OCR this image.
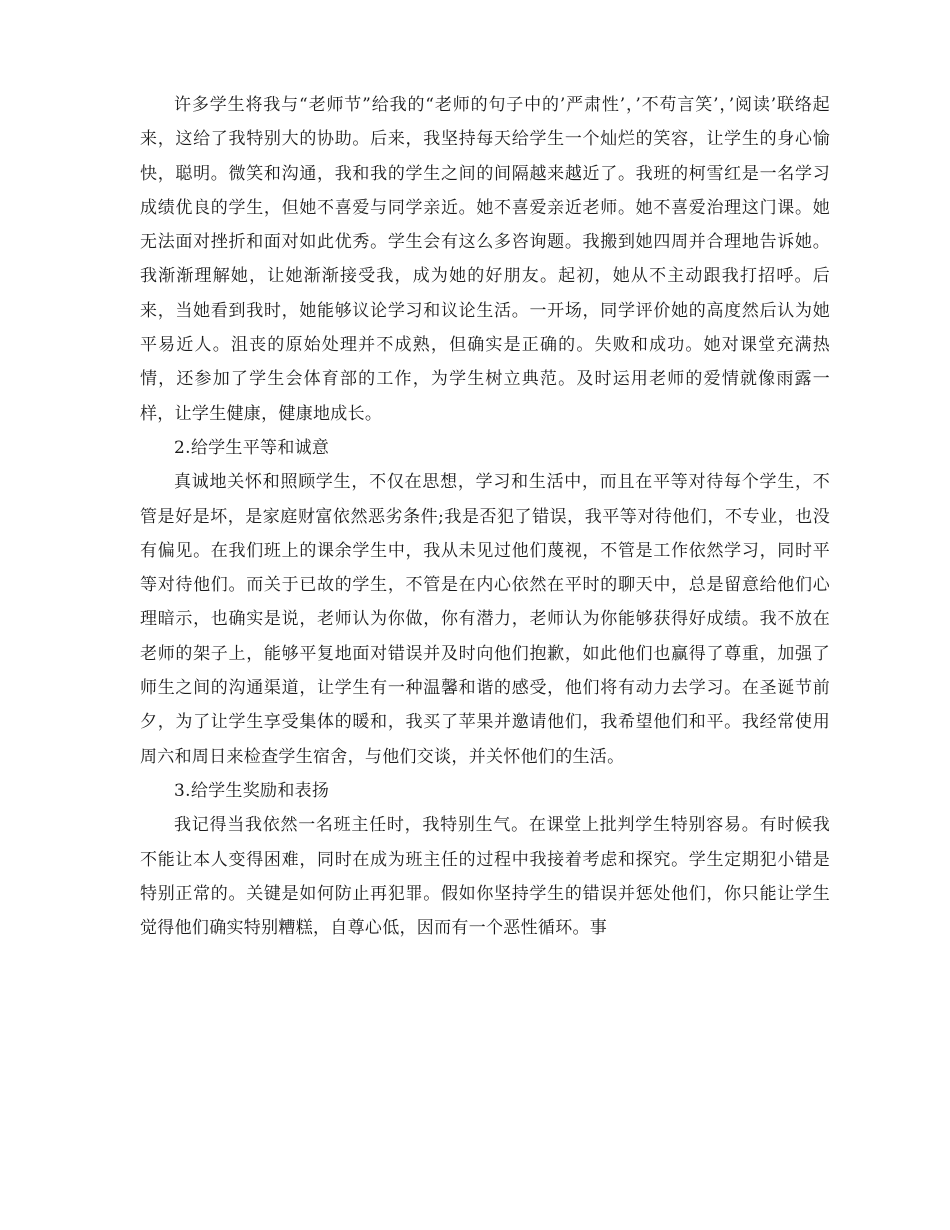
许多学生将我与“老师节”给我的“老师的句子中的’严肃性’，’不苟言笑’，’阅读’联络起来，这给了我特别大的协助。后来，我坚持每天给学生一个灿烂的笑容，让学生的身心愉快，聪明。微笑和沟通，我和我的学生之间的间隔越来越近了。我班的柯雪红是一名学习成绩优良的学生，但她不喜爱与同学亲近。她不喜爱亲近老师。她不喜爱治理这门课。她无法面对挫折和面对如此优秀。学生会有这么多咨询题。我搬到她四周并合理地告诉她。我渐渐理解她，让她渐渐接受我，成为她的好朋友。起初，她从不主动跟我打招呼。后来，当她看到我时，她能够议论学习和议论生活。一开场，同学评价她的高度然后认为她平易近人。沮丧的原始处理并不成熟，但确实是正确的。失败和成功。她对课堂充满热情，还参加了学生会体育部的工作，为学生树立典范。及时运用老师的爱情就像雨露一样，让学生健康，健康地成长。

2.给学生平等和诚意

真诚地关怀和照顾学生，不仅在思想，学习和生活中，而且在平等对待每个学生，不管是好是坏，是家庭财富依然恶劣条件;我是否犯了错误，我平等对待他们，不专业，也没有偏见。在我们班上的课余学生中，我从未见过他们蔑视，不管是工作依然学习，同时平等对待他们。而关于已故的学生，不管是在内心依然在平时的聊天中，总是留意给他们心理暗示，也确实是说，老师认为你做，你有潜力，老师认为你能够获得好成绩。我不放在老师的架子上，能够平复地面对错误并及时向他们抱歉，如此他们也赢得了尊重，加强了师生之间的沟通渠道，让学生有一种温馨和谐的感受，他们将有动力去学习。在圣诞节前夕，为了让学生享受集体的暖和，我买了苹果并邀请他们，我希望他们和平。我经常使用周六和周日来检查学生宿舍，与他们交谈，并关怀他们的生活。

3.给学生奖励和表扬

我记得当我依然一名班主任时，我特别生气。在课堂上批判学生特别容易。有时候我不能让本人变得困难，同时在成为班主任的过程中我接着考虑和探究。学生定期犯小错是特别正常的。关键是如何防止再犯罪。假如你坚持学生的错误并惩处他们，你只能让学生觉得他们确实特别糟糕，自尊心低，因而有一个恶性循环。事
